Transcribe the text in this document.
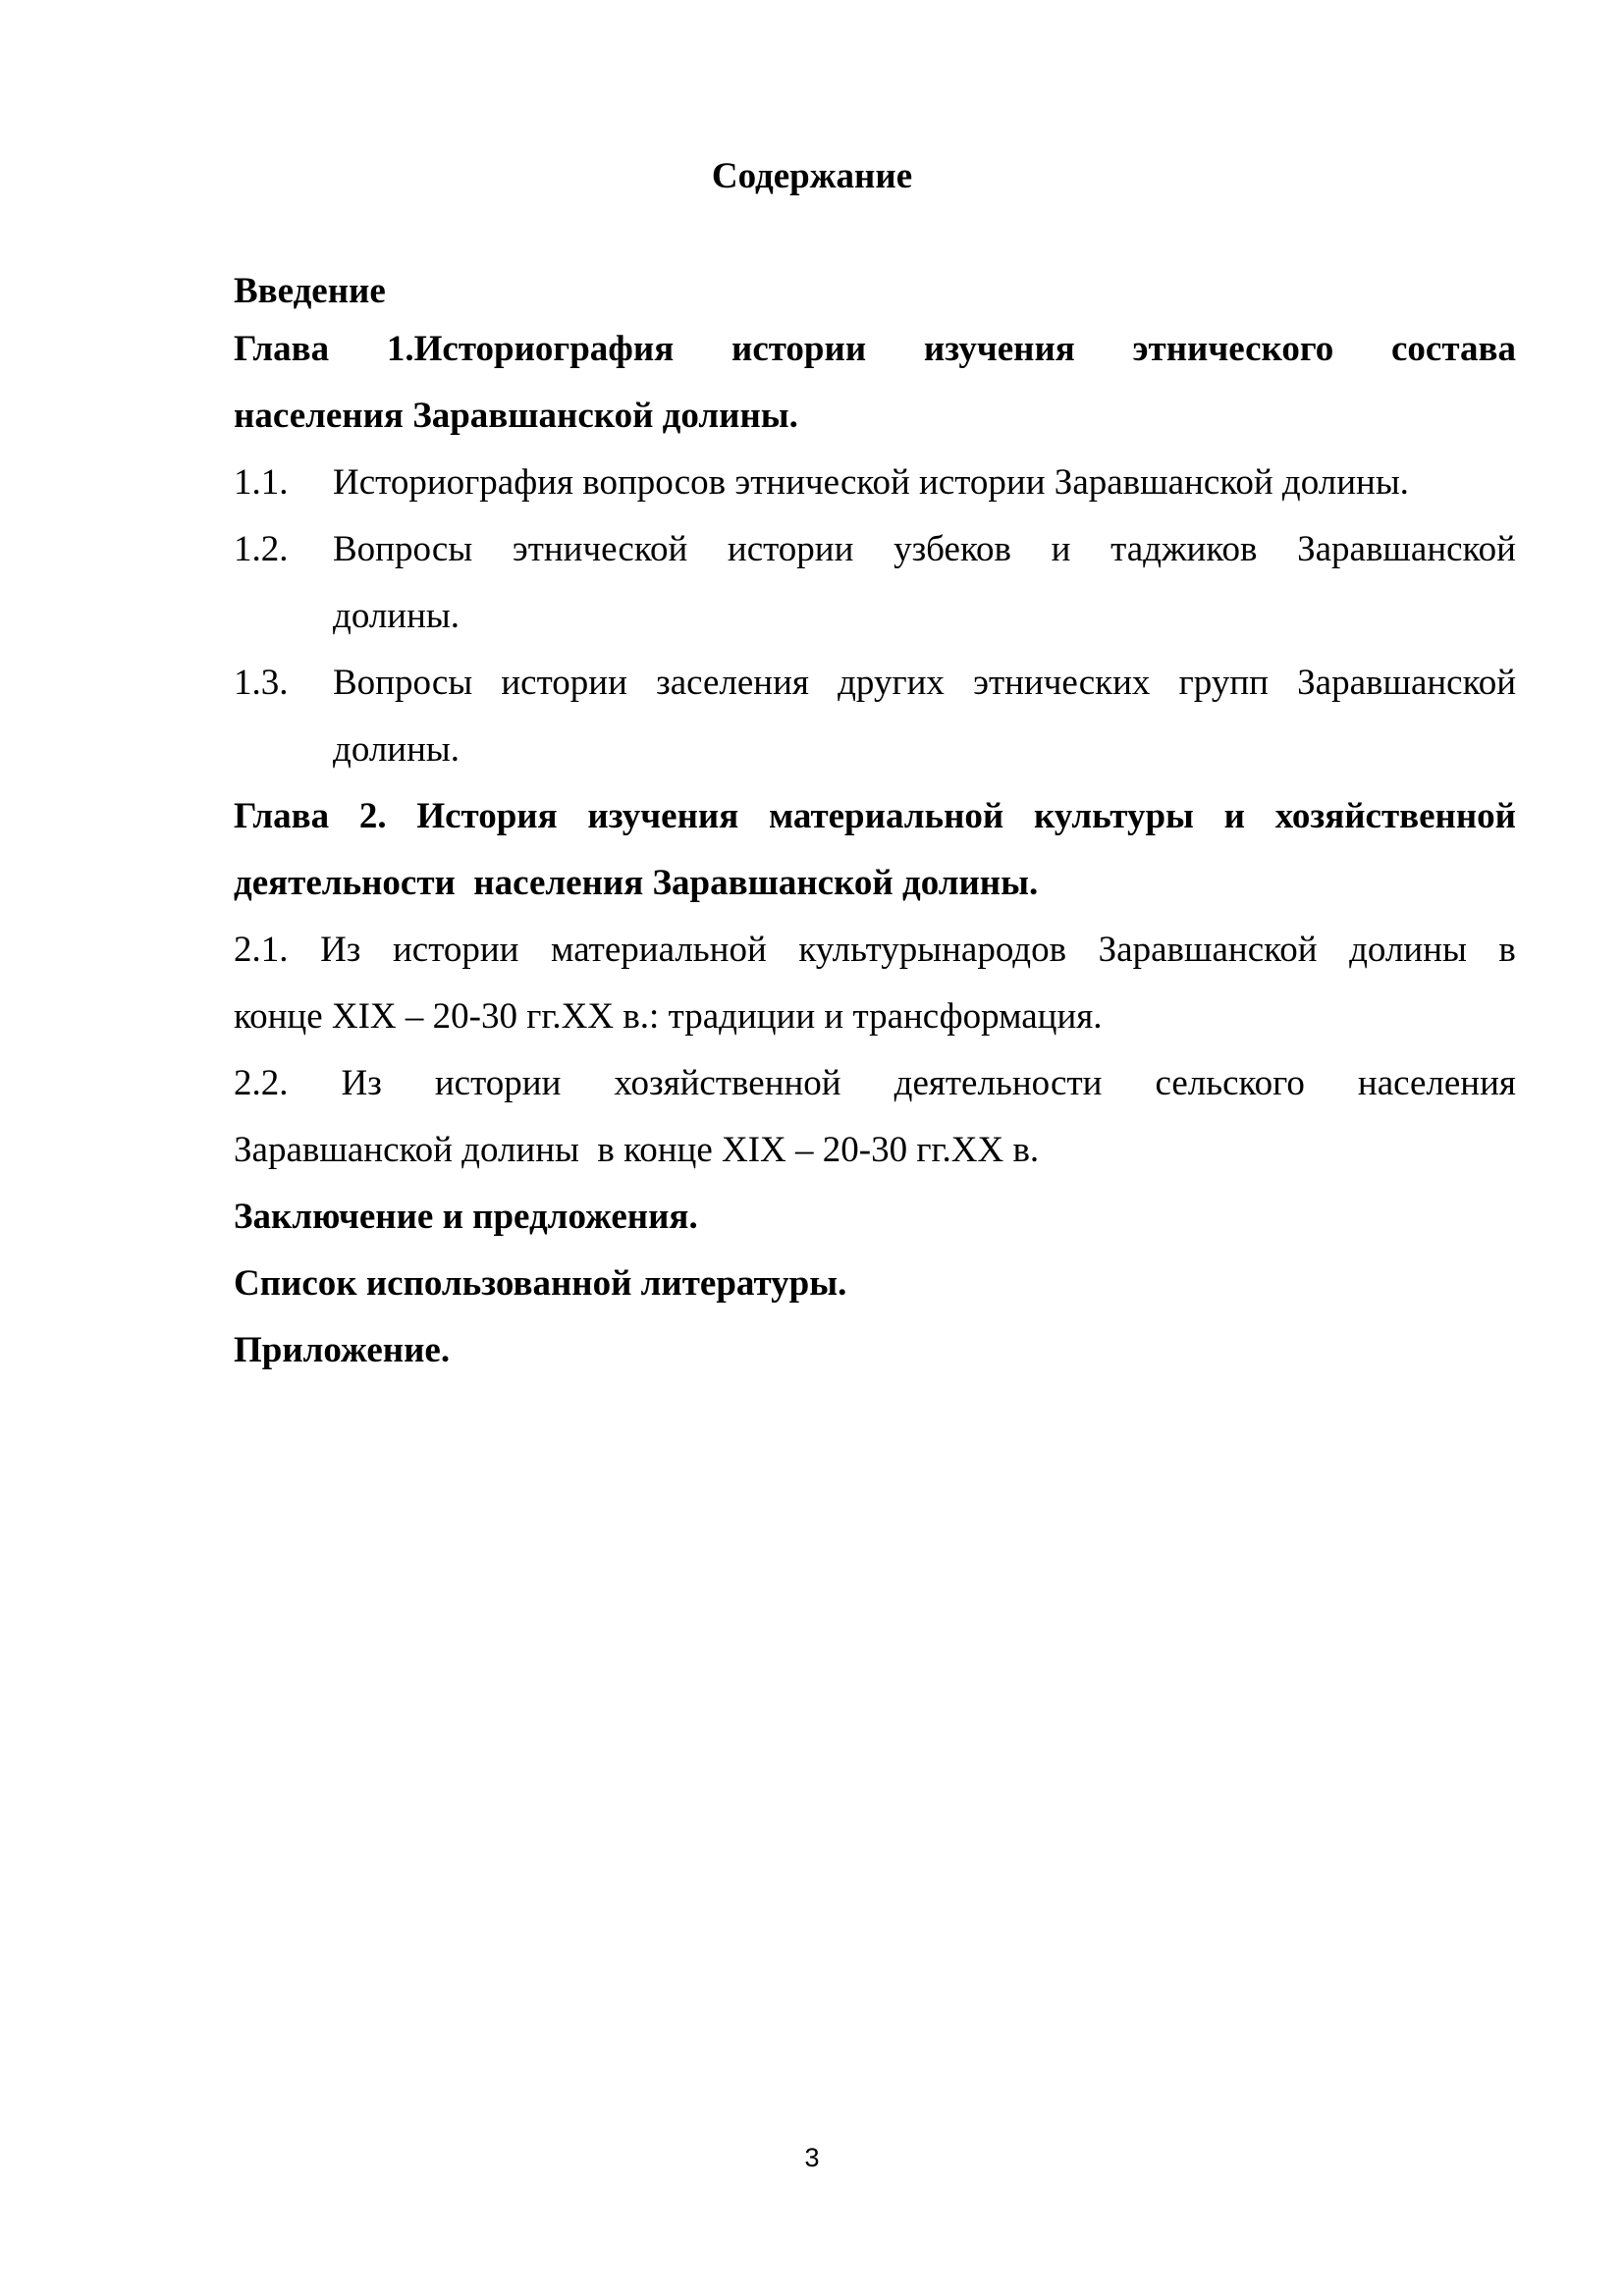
Содержание
Введение
Глава 1.Историография истории изучения этнического состава
населения Заравшанской долины.
1.1.	Историография вопросов этнической истории Заравшанской долины.
1.2.	Вопросы этнической истории узбеков и таджиков Заравшанской
долины.
1.3.	Вопросы истории заселения других этнических групп Заравшанской
долины.
Глава 2. История изучения материальной культуры и хозяйственной
деятельности  населения Заравшанской долины.
2.1. Из истории материальной культурынародов Заравшанской долины в
конце XIX – 20-30 гг.XX в.: традиции и трансформация.
2.2. Из истории хозяйственной деятельности сельского населения
Заравшанской долины  в конце XIX – 20-30 гг.XX в.
Заключение и предложения.
Список использованной литературы.
Приложение.
3
